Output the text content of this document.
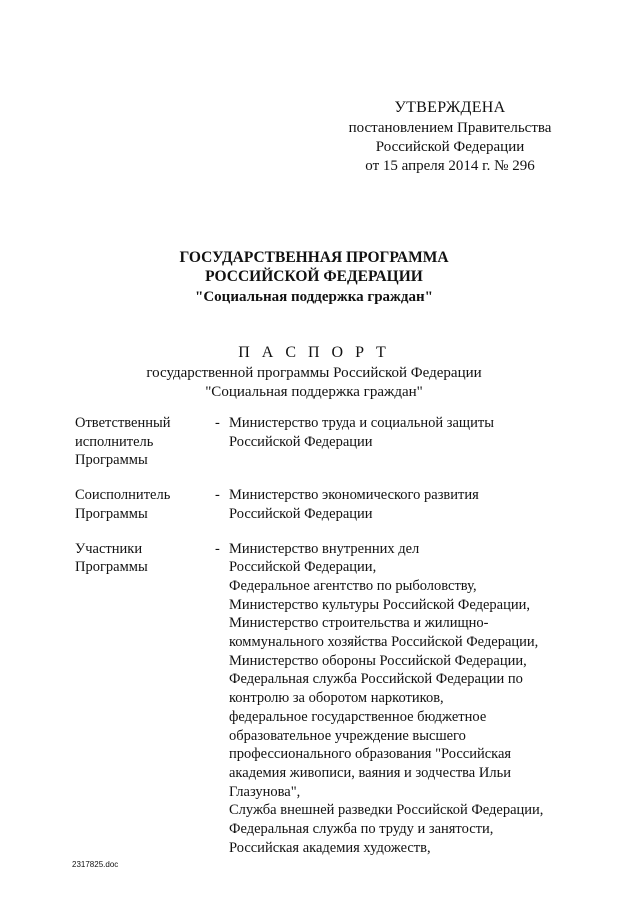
УТВЕРЖДЕНА
постановлением Правительства
Российской Федерации
от 15 апреля 2014 г. № 296
ГОСУДАРСТВЕННАЯ ПРОГРАММА
РОССИЙСКОЙ ФЕДЕРАЦИИ
"Социальная поддержка граждан"
П А С П О Р Т
государственной программы Российской Федерации
"Социальная поддержка граждан"
Ответственный
исполнитель
Программы
- Министерство труда и социальной защиты
Российской Федерации
Соисполнитель
Программы
- Министерство экономического развития
Российской Федерации
Участники
Программы
- Министерство внутренних дел
Российской Федерации,
Федеральное агентство по рыболовству,
Министерство культуры Российской Федерации,
Министерство строительства и жилищно-
коммунального хозяйства Российской Федерации,
Министерство обороны Российской Федерации,
Федеральная служба Российской Федерации по
контролю за оборотом наркотиков,
федеральное государственное бюджетное
образовательное учреждение высшего
профессионального образования "Российская
академия живописи, ваяния и зодчества Ильи
Глазунова",
Служба внешней разведки Российской Федерации,
Федеральная служба по труду и занятости,
Российская академия художеств,
2317825.doc
